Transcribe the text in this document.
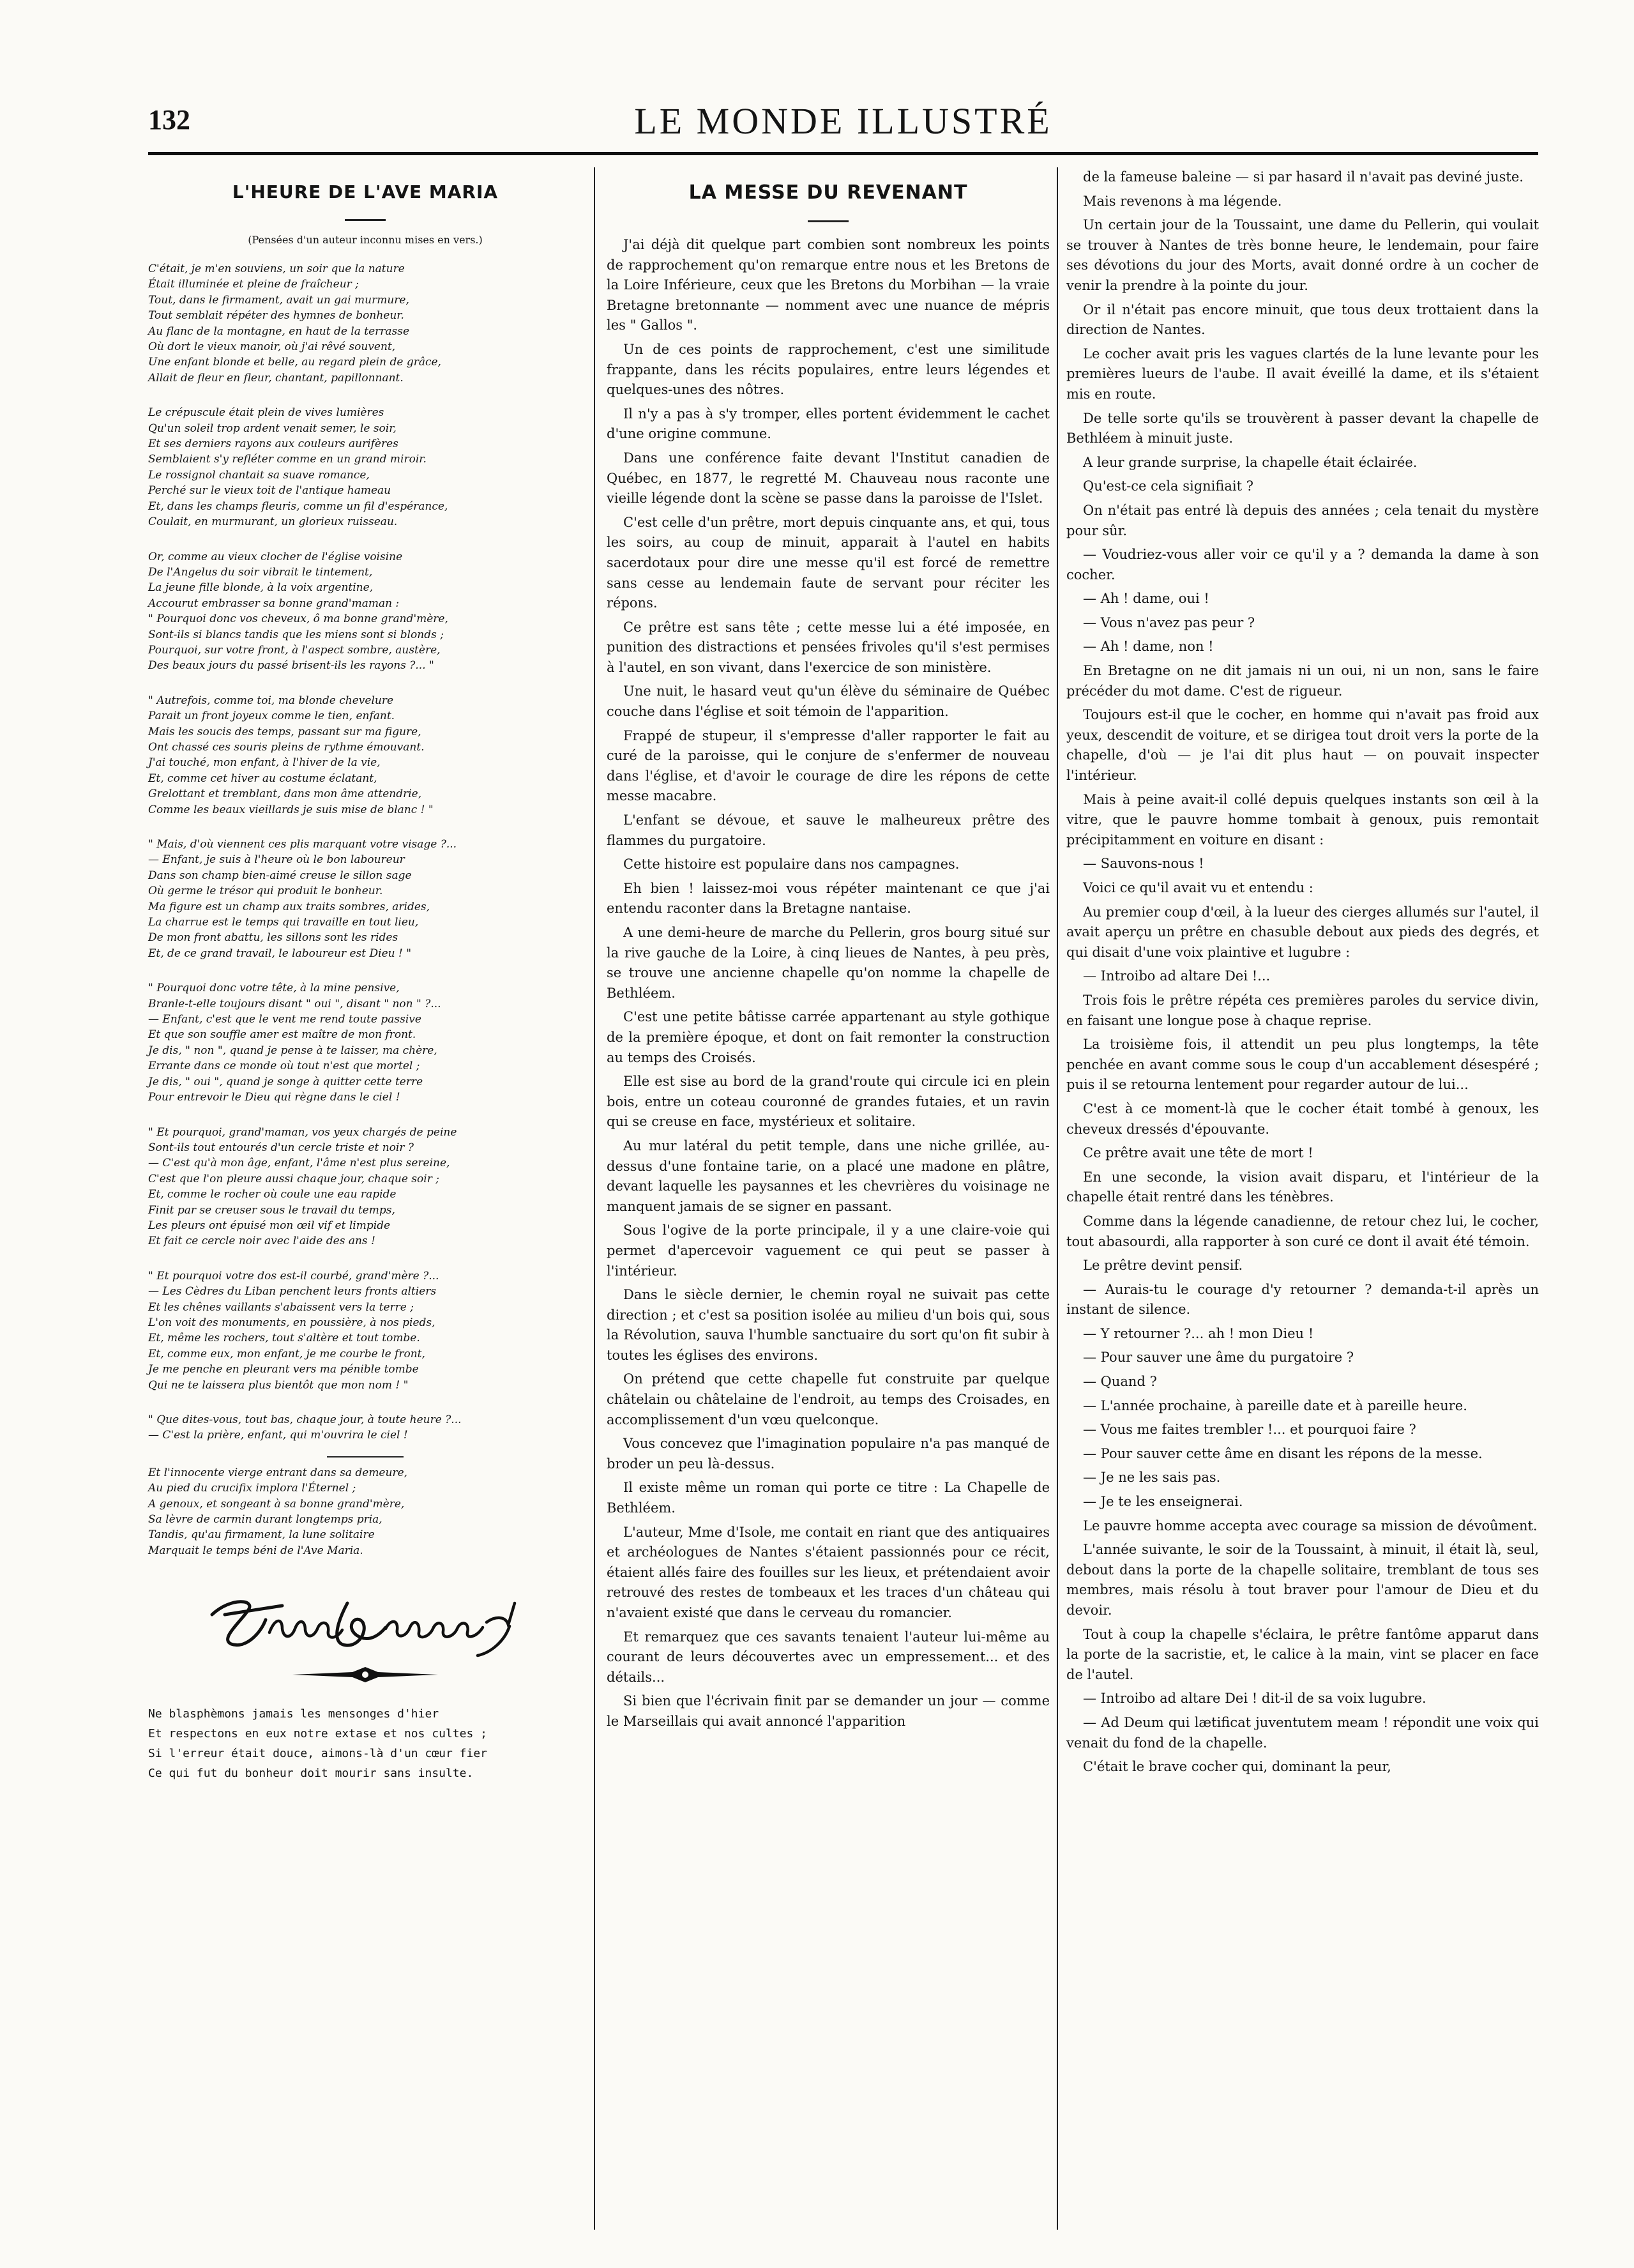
132	LE MONDE ILLUSTRÉ
L'HEURE DE L'AVE MARIA
(Pensées d'un auteur inconnu mises en vers.)
C'était, je m'en souviens, un soir que la nature
Était illuminée et pleine de fraîcheur ;
Tout, dans le firmament, avait un gai murmure,
Tout semblait répéter des hymnes de bonheur.
Au flanc de la montagne, en haut de la terrasse
Où dort le vieux manoir, où j'ai rêvé souvent,
Une enfant blonde et belle, au regard plein de grâce,
Allait de fleur en fleur, chantant, papillonnant.
Le crépuscule était plein de vives lumières
Qu'un soleil trop ardent venait semer, le soir,
Et ses derniers rayons aux couleurs aurifères
Semblaient s'y refléter comme en un grand miroir.
Le rossignol chantait sa suave romance,
Perché sur le vieux toit de l'antique hameau
Et, dans les champs fleuris, comme un fil d'espérance,
Coulait, en murmurant, un glorieux ruisseau.
Or, comme au vieux clocher de l'église voisine
De l'Angelus du soir vibrait le tintement,
La jeune fille blonde, à la voix argentine,
Accourut embrasser sa bonne grand'maman :
" Pourquoi donc vos cheveux, ô ma bonne grand'mère,
Sont-ils si blancs tandis que les miens sont si blonds ;
Pourquoi, sur votre front, à l'aspect sombre, austère,
Des beaux jours du passé brisent-ils les rayons ?... "
" Autrefois, comme toi, ma blonde chevelure
Parait un front joyeux comme le tien, enfant.
Mais les soucis des temps, passant sur ma figure,
Ont chassé ces souris pleins de rythme émouvant.
J'ai touché, mon enfant, à l'hiver de la vie,
Et, comme cet hiver au costume éclatant,
Grelottant et tremblant, dans mon âme attendrie,
Comme les beaux vieillards je suis mise de blanc ! "
" Mais, d'où viennent ces plis marquant votre visage ?...
— Enfant, je suis à l'heure où le bon laboureur
Dans son champ bien-aimé creuse le sillon sage
Où germe le trésor qui produit le bonheur.
Ma figure est un champ aux traits sombres, arides,
La charrue est le temps qui travaille en tout lieu,
De mon front abattu, les sillons sont les rides
Et, de ce grand travail, le laboureur est Dieu ! "
" Pourquoi donc votre tête, à la mine pensive,
Branle-t-elle toujours disant " oui ", disant " non " ?...
— Enfant, c'est que le vent me rend toute passive
Et que son souffle amer est maître de mon front.
Je dis, " non ", quand je pense à te laisser, ma chère,
Errante dans ce monde où tout n'est que mortel ;
Je dis, " oui ", quand je songe à quitter cette terre
Pour entrevoir le Dieu qui règne dans le ciel !
" Et pourquoi, grand'maman, vos yeux chargés de peine
Sont-ils tout entourés d'un cercle triste et noir ?
— C'est qu'à mon âge, enfant, l'âme n'est plus sereine,
C'est que l'on pleure aussi chaque jour, chaque soir ;
Et, comme le rocher où coule une eau rapide
Finit par se creuser sous le travail du temps,
Les pleurs ont épuisé mon œil vif et limpide
Et fait ce cercle noir avec l'aide des ans !
" Et pourquoi votre dos est-il courbé, grand'mère ?...
— Les Cèdres du Liban penchent leurs fronts altiers
Et les chênes vaillants s'abaissent vers la terre ;
L'on voit des monuments, en poussière, à nos pieds,
Et, même les rochers, tout s'altère et tout tombe.
Et, comme eux, mon enfant, je me courbe le front,
Je me penche en pleurant vers ma pénible tombe
Qui ne te laissera plus bientôt que mon nom ! "
" Que dites-vous, tout bas, chaque jour, à toute heure ?...
— C'est la prière, enfant, qui m'ouvrira le ciel !
Et l'innocente vierge entrant dans sa demeure,
Au pied du crucifix implora l'Éternel ;
A genoux, et songeant à sa bonne grand'mère,
Sa lèvre de carmin durant longtemps pria,
Tandis, qu'au firmament, la lune solitaire
Marquait le temps béni de l'Ave Maria.
Ne blasphèmons jamais les mensonges d'hier
Et respectons en eux notre extase et nos cultes ;
Si l'erreur était douce, aimons-là d'un cœur fier
Ce qui fut du bonheur doit mourir sans insulte.
LA MESSE DU REVENANT

J'ai déjà dit quelque part combien sont nombreux les points de rapprochement qu'on remarque entre nous et les Bretons de la Loire Inférieure, ceux que les Bretons du Morbihan — la vraie Bretagne bretonnante — nomment avec une nuance de mépris les " Gallos ".

Un de ces points de rapprochement, c'est une similitude frappante, dans les récits populaires, entre leurs légendes et quelques-unes des nôtres.

Il n'y a pas à s'y tromper, elles portent évidemment le cachet d'une origine commune.

Dans une conférence faite devant l'Institut canadien de Québec, en 1877, le regretté M. Chauveau nous raconte une vieille légende dont la scène se passe dans la paroisse de l'Islet.

C'est celle d'un prêtre, mort depuis cinquante ans, et qui, tous les soirs, au coup de minuit, apparait à l'autel en habits sacerdotaux pour dire une messe qu'il est forcé de remettre sans cesse au lendemain faute de servant pour réciter les répons.

Ce prêtre est sans tête ; cette messe lui a été imposée, en punition des distractions et pensées frivoles qu'il s'est permises à l'autel, en son vivant, dans l'exercice de son ministère.

Une nuit, le hasard veut qu'un élève du séminaire de Québec couche dans l'église et soit témoin de l'apparition.

Frappé de stupeur, il s'empresse d'aller rapporter le fait au curé de la paroisse, qui le conjure de s'enfermer de nouveau dans l'église, et d'avoir le courage de dire les répons de cette messe macabre.

L'enfant se dévoue, et sauve le malheureux prêtre des flammes du purgatoire.

Cette histoire est populaire dans nos campagnes.

Eh bien ! laissez-moi vous répéter maintenant ce que j'ai entendu raconter dans la Bretagne nantaise.

A une demi-heure de marche du Pellerin, gros bourg situé sur la rive gauche de la Loire, à cinq lieues de Nantes, à peu près, se trouve une ancienne chapelle qu'on nomme la chapelle de Bethléem.

C'est une petite bâtisse carrée appartenant au style gothique de la première époque, et dont on fait remonter la construction au temps des Croisés.

Elle est sise au bord de la grand'route qui circule ici en plein bois, entre un coteau couronné de grandes futaies, et un ravin qui se creuse en face, mystérieux et solitaire.

Au mur latéral du petit temple, dans une niche grillée, au-dessus d'une fontaine tarie, on a placé une madone en plâtre, devant laquelle les paysannes et les chevrières du voisinage ne manquent jamais de se signer en passant.

Sous l'ogive de la porte principale, il y a une claire-voie qui permet d'apercevoir vaguement ce qui peut se passer à l'intérieur.

Dans le siècle dernier, le chemin royal ne suivait pas cette direction ; et c'est sa position isolée au milieu d'un bois qui, sous la Révolution, sauva l'humble sanctuaire du sort qu'on fit subir à toutes les églises des environs.

On prétend que cette chapelle fut construite par quelque châtelain ou châtelaine de l'endroit, au temps des Croisades, en accomplissement d'un vœu quelconque.

Vous concevez que l'imagination populaire n'a pas manqué de broder un peu là-dessus.

Il existe même un roman qui porte ce titre : La Chapelle de Bethléem.

L'auteur, Mme d'Isole, me contait en riant que des antiquaires et archéologues de Nantes s'étaient passionnés pour ce récit, étaient allés faire des fouilles sur les lieux, et prétendaient avoir retrouvé des restes de tombeaux et les traces d'un château qui n'avaient existé que dans le cerveau du romancier.

Et remarquez que ces savants tenaient l'auteur lui-même au courant de leurs découvertes avec un empressement... et des détails...

Si bien que l'écrivain finit par se demander un jour — comme le Marseillais qui avait annoncé l'apparition

de la fameuse baleine — si par hasard il n'avait pas deviné juste.

Mais revenons à ma légende.

Un certain jour de la Toussaint, une dame du Pellerin, qui voulait se trouver à Nantes de très bonne heure, le lendemain, pour faire ses dévotions du jour des Morts, avait donné ordre à un cocher de venir la prendre à la pointe du jour.

Or il n'était pas encore minuit, que tous deux trottaient dans la direction de Nantes.

Le cocher avait pris les vagues clartés de la lune levante pour les premières lueurs de l'aube. Il avait éveillé la dame, et ils s'étaient mis en route.

De telle sorte qu'ils se trouvèrent à passer devant la chapelle de Bethléem à minuit juste.

A leur grande surprise, la chapelle était éclairée.

Qu'est-ce cela signifiait ?

On n'était pas entré là depuis des années ; cela tenait du mystère pour sûr.

— Voudriez-vous aller voir ce qu'il y a ? demanda la dame à son cocher.

— Ah ! dame, oui !

— Vous n'avez pas peur ?

— Ah ! dame, non !

En Bretagne on ne dit jamais ni un oui, ni un non, sans le faire précéder du mot dame. C'est de rigueur.

Toujours est-il que le cocher, en homme qui n'avait pas froid aux yeux, descendit de voiture, et se dirigea tout droit vers la porte de la chapelle, d'où — je l'ai dit plus haut — on pouvait inspecter l'intérieur.

Mais à peine avait-il collé depuis quelques instants son œil à la vitre, que le pauvre homme tombait à genoux, puis remontait précipitamment en voiture en disant :

— Sauvons-nous !

Voici ce qu'il avait vu et entendu :

Au premier coup d'œil, à la lueur des cierges allumés sur l'autel, il avait aperçu un prêtre en chasuble debout aux pieds des degrés, et qui disait d'une voix plaintive et lugubre :

— Introibo ad altare Dei !...

Trois fois le prêtre répéta ces premières paroles du service divin, en faisant une longue pose à chaque reprise.

La troisième fois, il attendit un peu plus longtemps, la tête penchée en avant comme sous le coup d'un accablement désespéré ; puis il se retourna lentement pour regarder autour de lui...

C'est à ce moment-là que le cocher était tombé à genoux, les cheveux dressés d'épouvante.

Ce prêtre avait une tête de mort !

En une seconde, la vision avait disparu, et l'intérieur de la chapelle était rentré dans les ténèbres.

Comme dans la légende canadienne, de retour chez lui, le cocher, tout abasourdi, alla rapporter à son curé ce dont il avait été témoin.

Le prêtre devint pensif.

— Aurais-tu le courage d'y retourner ? demanda-t-il après un instant de silence.

— Y retourner ?... ah ! mon Dieu !

— Pour sauver une âme du purgatoire ?

— Quand ?

— L'année prochaine, à pareille date et à pareille heure.

— Vous me faites trembler !... et pourquoi faire ?

— Pour sauver cette âme en disant les répons de la messe.

— Je ne les sais pas.

— Je te les enseignerai.

Le pauvre homme accepta avec courage sa mission de dévoûment.

L'année suivante, le soir de la Toussaint, à minuit, il était là, seul, debout dans la porte de la chapelle solitaire, tremblant de tous ses membres, mais résolu à tout braver pour l'amour de Dieu et du devoir.

Tout à coup la chapelle s'éclaira, le prêtre fantôme apparut dans la porte de la sacristie, et, le calice à la main, vint se placer en face de l'autel.

— Introibo ad altare Dei ! dit-il de sa voix lugubre.

— Ad Deum qui lætificat juventutem meam ! répondit une voix qui venait du fond de la chapelle.

C'était le brave cocher qui, dominant la peur,
